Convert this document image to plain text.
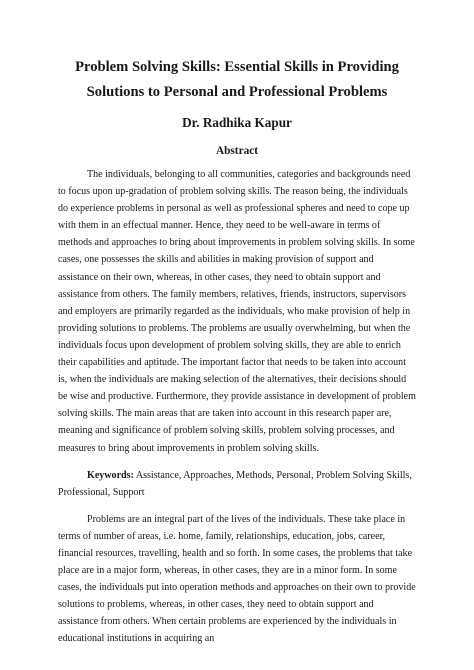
Problem Solving Skills: Essential Skills in Providing Solutions to Personal and Professional Problems
Dr. Radhika Kapur
Abstract

The individuals, belonging to all communities, categories and backgrounds need to focus upon up-gradation of problem solving skills. The reason being, the individuals do experience problems in personal as well as professional spheres and need to cope up with them in an effectual manner. Hence, they need to be well-aware in terms of methods and approaches to bring about improvements in problem solving skills. In some cases, one possesses the skills and abilities in making provision of support and assistance on their own, whereas, in other cases, they need to obtain support and assistance from others. The family members, relatives, friends, instructors, supervisors and employers are primarily regarded as the individuals, who make provision of help in providing solutions to problems. The problems are usually overwhelming, but when the individuals focus upon development of problem solving skills, they are able to enrich their capabilities and aptitude. The important factor that needs to be taken into account is, when the individuals are making selection of the alternatives, their decisions should be wise and productive. Furthermore, they provide assistance in development of problem solving skills. The main areas that are taken into account in this research paper are, meaning and significance of problem solving skills, problem solving processes, and measures to bring about improvements in problem solving skills.

Keywords: Assistance, Approaches, Methods, Personal, Problem Solving Skills, Professional, Support

Problems are an integral part of the lives of the individuals. These take place in terms of number of areas, i.e. home, family, relationships, education, jobs, career, financial resources, travelling, health and so forth. In some cases, the problems that take place are in a major form, whereas, in other cases, they are in a minor form. In some cases, the individuals put into operation methods and approaches on their own to provide solutions to problems, whereas, in other cases, they need to obtain support and assistance from others. When certain problems are experienced by the individuals in educational institutions in acquiring an
